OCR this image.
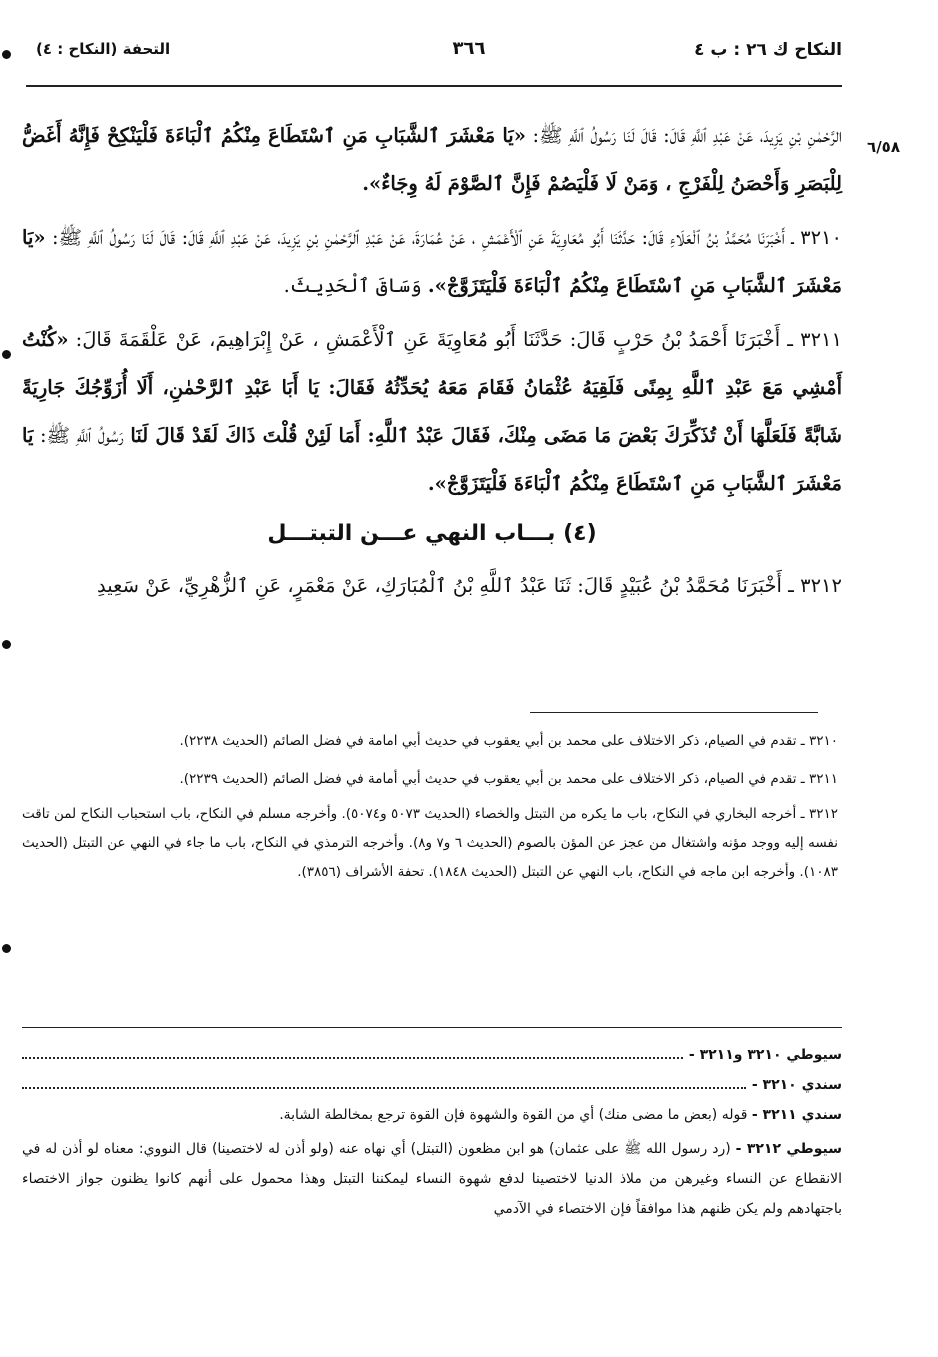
النكاح ك ٢٦ : ب ٤
٣٦٦
التحفة (النكاح : ٤)
٦/٥٨

الرَّحْمٰنِ بْنِ يَزِيدَ، عَنْ عَبْدِ ٱللَّهِ قَالَ: قَالَ لَنَا رَسُولُ ٱللَّهِ ﷺ: «يَا مَعْشَرَ ٱلشَّبَابِ مَنِ ٱسْتَطَاعَ مِنْكُمُ ٱلْبَاءَةَ فَلْيَنْكِحْ فَإِنَّهُ أَغَضُّ لِلْبَصَرِ وَأَحْصَنُ لِلْفَرْجِ ، وَمَنْ لَا فَلْيَصُمْ فَإِنَّ ٱلصَّوْمَ لَهُ وِجَاءٌ».

٣٢١٠ ـ أَخْبَرَنَا مُحَمَّدُ بْنُ ٱلْعَلَاءِ قَالَ: حَدَّثَنَا أَبُو مُعَاوِيَةَ عَنِ ٱلْأَعْمَشِ ، عَنْ عُمَارَةَ، عَنْ عَبْدِ ٱلرَّحْمٰنِ بْنِ يَزِيدَ، عَنْ عَبْدِ ٱللَّهِ قَالَ: قَالَ لَنَا رَسُولُ ٱللَّهِ ﷺ: «يَا مَعْشَرَ ٱلشَّبَابِ مَنِ ٱسْتَطَاعَ مِنْكُمُ ٱلْبَاءَةَ فَلْيَتَزَوَّجْ». وَسَاقَ ٱلْحَدِيثَ.

٣٢١١ ـ أَخْبَرَنَا أَحْمَدُ بْنُ حَرْبٍ قَالَ: حَدَّثَنَا أَبُو مُعَاوِيَةَ عَنِ ٱلْأَعْمَشِ ، عَنْ إِبْرَاهِيمَ، عَنْ عَلْقَمَةَ قَالَ: «كُنْتُ أَمْشِي مَعَ عَبْدِ ٱللَّهِ بِمِنًى فَلَقِيَهُ عُثْمَانُ فَقَامَ مَعَهُ يُحَدِّثُهُ فَقَالَ: يَا أَبَا عَبْدِ ٱلرَّحْمٰنِ، أَلَا أُزَوِّجُكَ جَارِيَةً شَابَّةً فَلَعَلَّهَا أَنْ تُذَكِّرَكَ بَعْضَ مَا مَضَى مِنْكَ، فَقَالَ عَبْدُ ٱللَّهِ: أَمَا لَئِنْ قُلْتَ ذَاكَ لَقَدْ قَالَ لَنَا رَسُولُ ٱللَّهِ ﷺ: يَا مَعْشَرَ ٱلشَّبَابِ مَنِ ٱسْتَطَاعَ مِنْكُمُ ٱلْبَاءَةَ فَلْيَتَزَوَّجْ».

(٤) بـــاب النهي عـــن التبتـــل

٣٢١٢ ـ أَخْبَرَنَا مُحَمَّدُ بْنُ عُبَيْدٍ قَالَ: ثَنَا عَبْدُ ٱللَّهِ بْنُ ٱلْمُبَارَكِ، عَنْ مَعْمَرٍ، عَنِ ٱلزُّهْرِيِّ، عَنْ سَعِيدِ

٣٢١٠ ـ تقدم في الصيام، ذكر الاختلاف على محمد بن أبي يعقوب في حديث أبي امامة في فضل الصائم (الحديث ٢٢٣٨).

٣٢١١ ـ تقدم في الصيام، ذكر الاختلاف على محمد بن أبي يعقوب في حديث أبي أمامة في فضل الصائم (الحديث ٢٢٣٩).

٣٢١٢ ـ أخرجه البخاري في النكاح، باب ما يكره من التبتل والخصاء (الحديث ٥٠٧٣ و٥٠٧٤). وأخرجه مسلم في النكاح، باب استحباب النكاح لمن تاقت نفسه إليه ووجد مؤنه واشتغال من عجز عن المؤن بالصوم (الحديث ٦ و٧ و٨). وأخرجه الترمذي في النكاح، باب ما جاء في النهي عن التبتل (الحديث ١٠٨٣). وأخرجه ابن ماجه في النكاح، باب النهي عن التبتل (الحديث ١٨٤٨). تحفة الأشراف (٣٨٥٦).

سيوطي ٣٢١٠ و٣٢١١ -
سندي ٣٢١٠ -

سندي ٣٢١١ - قوله (بعض ما مضى منك) أي من القوة والشهوة فإن القوة ترجع بمخالطة الشابة.

سيوطي ٣٢١٢ - (رد رسول الله ﷺ على عثمان) هو ابن مظعون (التبتل) أي نهاه عنه (ولو أذن له لاختصينا) قال النووي: معناه لو أذن له في الانقطاع عن النساء وغيرهن من ملاذ الدنيا لاختصينا لدفع شهوة النساء ليمكننا التبتل وهذا محمول على أنهم كانوا يظنون جواز الاختصاء باجتهادهم ولم يكن ظنهم هذا موافقاً فإن الاختصاء في الآدمي
